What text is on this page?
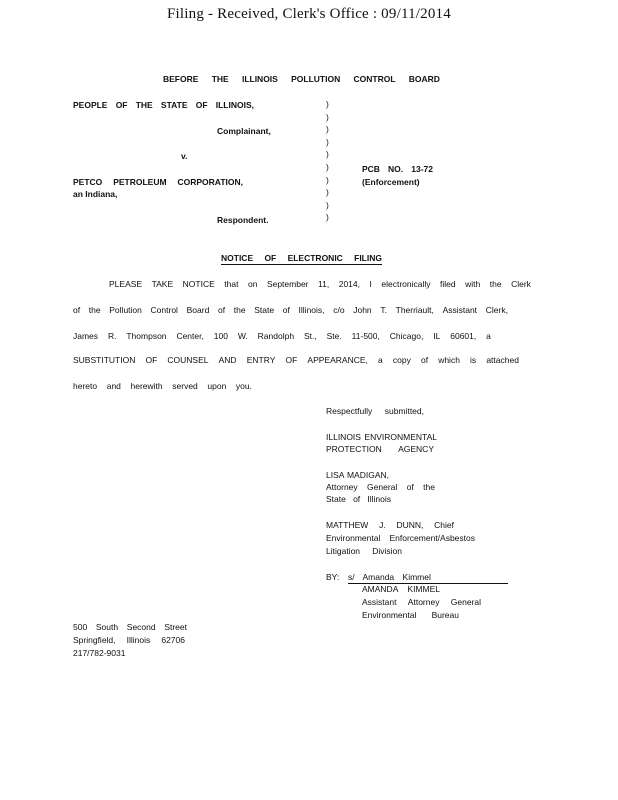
Filing - Received, Clerk's Office : 09/11/2014
BEFORE THE ILLINOIS POLLUTION CONTROL BOARD
PEOPLE OF THE STATE OF ILLINOIS,
Complainant,
v.
PETCO PETROLEUM CORPORATION,
an Indiana,
Respondent.
)
)
)
)
)
)
)
)
)
)
PCB NO. 13-72
(Enforcement)
NOTICE OF ELECTRONIC FILING
PLEASE TAKE NOTICE that on September 11, 2014, I electronically filed with the Clerk
of the Pollution Control Board of the State of Illinois, c/o John T. Therriault, Assistant Clerk,
James R. Thompson Center, 100 W. Randolph St., Ste. 11-500, Chicago, IL 60601, a
SUBSTITUTION OF COUNSEL AND ENTRY OF APPEARANCE, a copy of which is attached
hereto and herewith served upon you.
Respectfully submitted,
ILLINOIS ENVIRONMENTAL
PROTECTION AGENCY
LISA MADIGAN,
Attorney General of the
State of Illinois
MATTHEW J. DUNN, Chief
Environmental Enforcement/Asbestos
Litigation Division
BY: s/ Amanda Kimmel
AMANDA KIMMEL
Assistant Attorney General
Environmental Bureau
500 South Second Street
Springfield, Illinois 62706
217/782-9031
